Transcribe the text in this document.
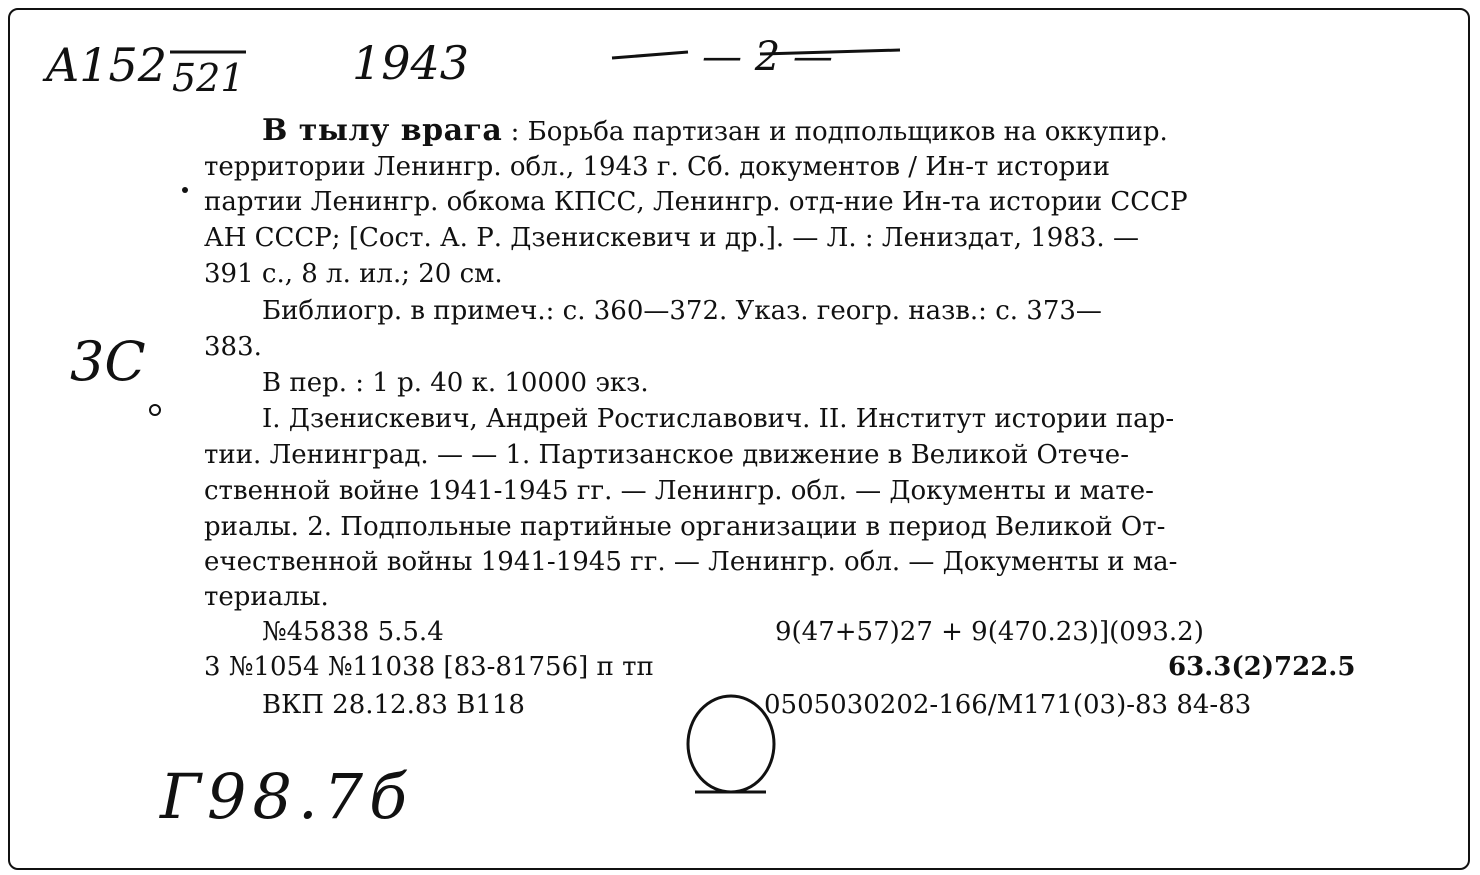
A152 521 1943	— 2 —
3С
Г98.7б
В тылу врага : Борьба партизан и подпольщиков на оккупир.
территории Ленингр. обл., 1943 г. Сб. документов / Ин-т истории
партии Ленингр. обкома КПСС, Ленингр. отд-ние Ин-та истории СССР
АН СССР; [Сост. А. Р. Дзенискевич и др.]. — Л. : Лениздат, 1983. —
391 с., 8 л. ил.; 20 см.
Библиогр. в примеч.: с. 360—372. Указ. геогр. назв.: с. 373—
383.
В пер. : 1 р. 40 к. 10000 экз.
I. Дзенискевич, Андрей Ростиславович. II. Институт истории пар-
тии. Ленинград. — — 1. Партизанское движение в Великой Отече-
ственной войне 1941-1945 гг. — Ленингр. обл. — Документы и мате-
риалы. 2. Подпольные партийные организации в период Великой От-
ечественной войны 1941-1945 гг. — Ленингр. обл. — Документы и ма-
териалы.
№45838 5.5.4	9(47+57)27 + 9(470.23)](093.2)
3 №1054 №11038 [83-81756] п тп	63.3(2)722.5
ВКП 28.12.83 В118	0505030202-166/М171(03)-83 84-83
